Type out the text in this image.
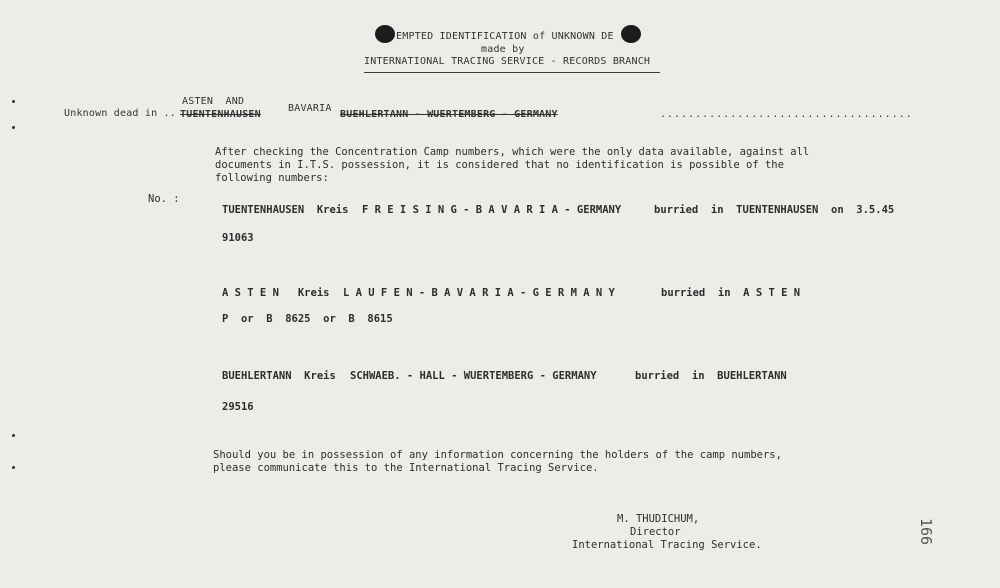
EMPTED IDENTIFICATION of UNKNOWN DE
made by
INTERNATIONAL TRACING SERVICE - RECORDS BRANCH
ASTEN  AND
BAVARIA
Unknown dead in .. TUENTENHAUSEN	BUEHLERTANN - WUERTEMBERG - GERMANY	....................................
After checking the Concentration Camp numbers, which were the only data available, against all
documents in I.T.S. possession, it is considered that no identification is possible of the
following numbers:
No. :
TUENTENHAUSEN  Kreis F R E I S I N G - B A V A R I A - GERMANY	burried  in  TUENTENHAUSEN  on  3.5.45
91063
A S T E N   Kreis L A U F E N - B A V A R I A - G E R M A N Y	burried  in  A S T E N
P  or  B  8625  or  B  8615
BUEHLERTANN  Kreis SCHWAEB. - HALL - WUERTEMBERG - GERMANY	burried  in  BUEHLERTANN
29516
Should you be in possession of any information concerning the holders of the camp numbers,
please communicate this to the International Tracing Service.
M. THUDICHUM,
Director
International Tracing Service.	166
